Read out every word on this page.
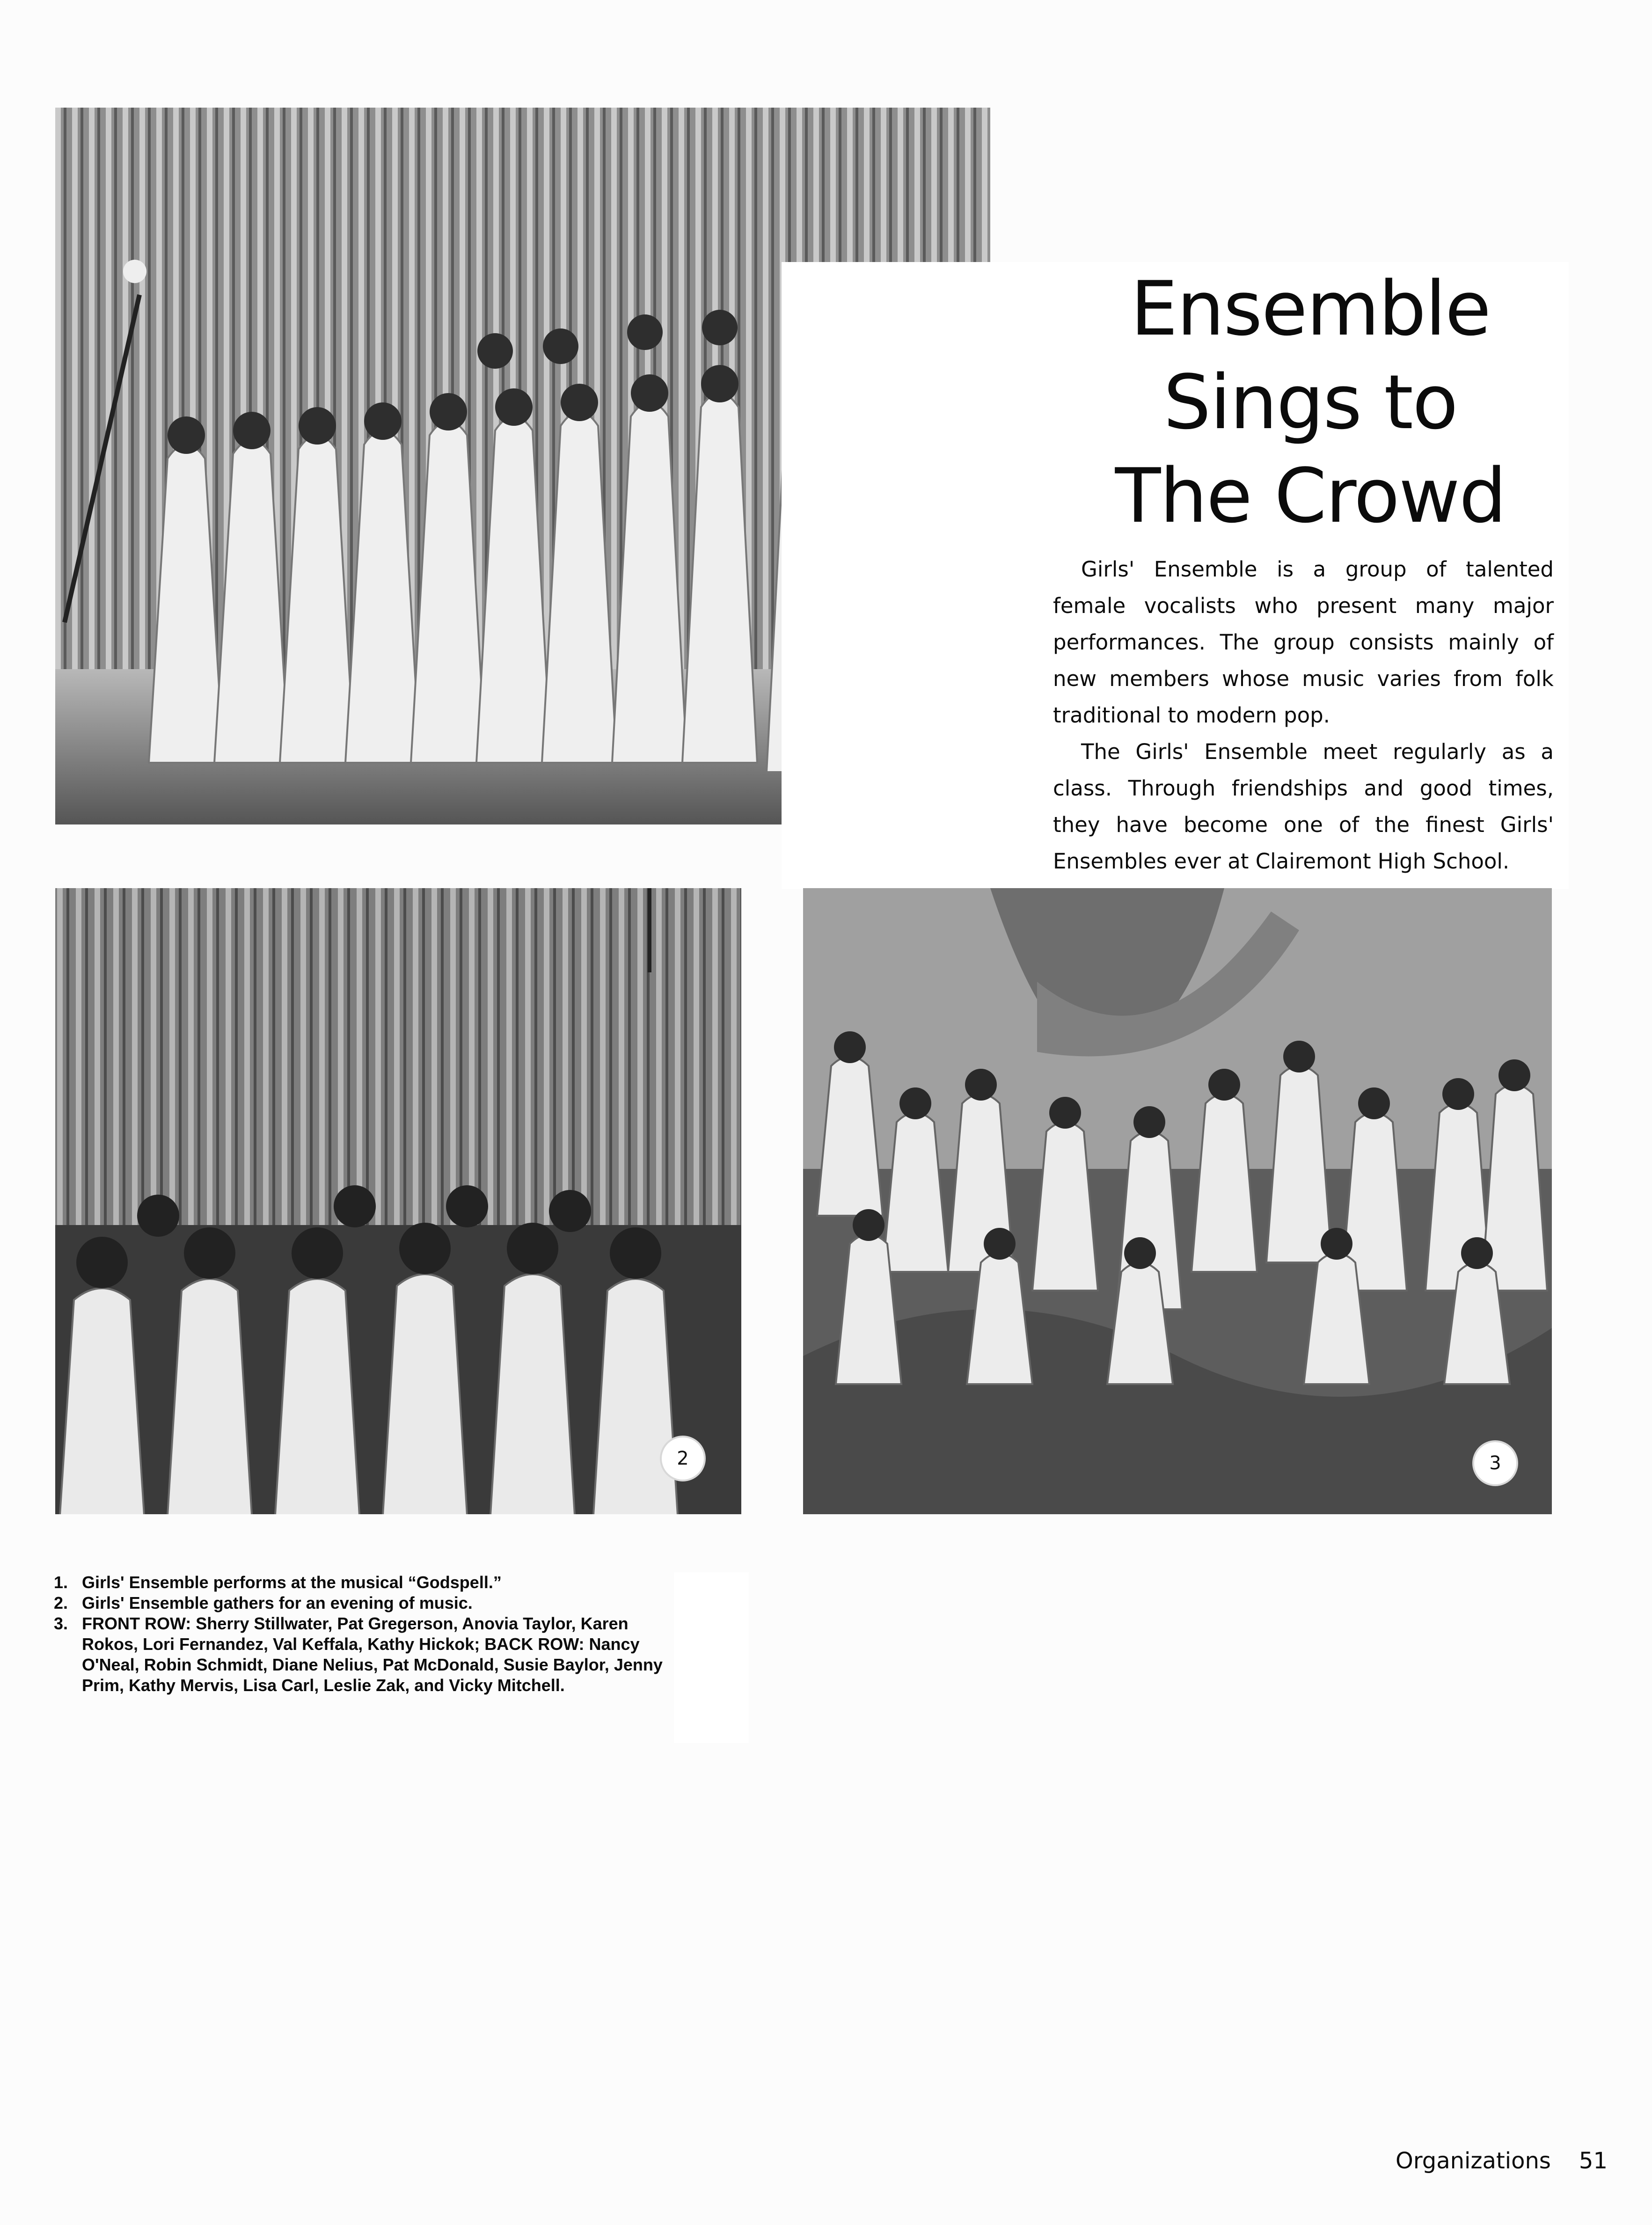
Ensemble
Sings to
The Crowd

Girls' Ensemble is a group of talented female vocalists who present many major performances. The group consists mainly of new members whose music varies from folk traditional to modern pop.

The Girls' Ensemble meet regularly as a class. Through friendships and good times, they have become one of the finest Girls' Ensembles ever at Clairemont High School.

2	3
1. Girls' Ensemble performs at the musical “Godspell.”
2. Girls' Ensemble gathers for an evening of music.
3. FRONT ROW: Sherry Stillwater, Pat Gregerson, Anovia Taylor, Karen Rokos, Lori Fernandez, Val Keffala, Kathy Hickok; BACK ROW: Nancy O'Neal, Robin Schmidt, Diane Nelius, Pat McDonald, Susie Baylor, Jenny Prim, Kathy Mervis, Lisa Carl, Leslie Zak, and Vicky Mitchell.
Organizations 51
